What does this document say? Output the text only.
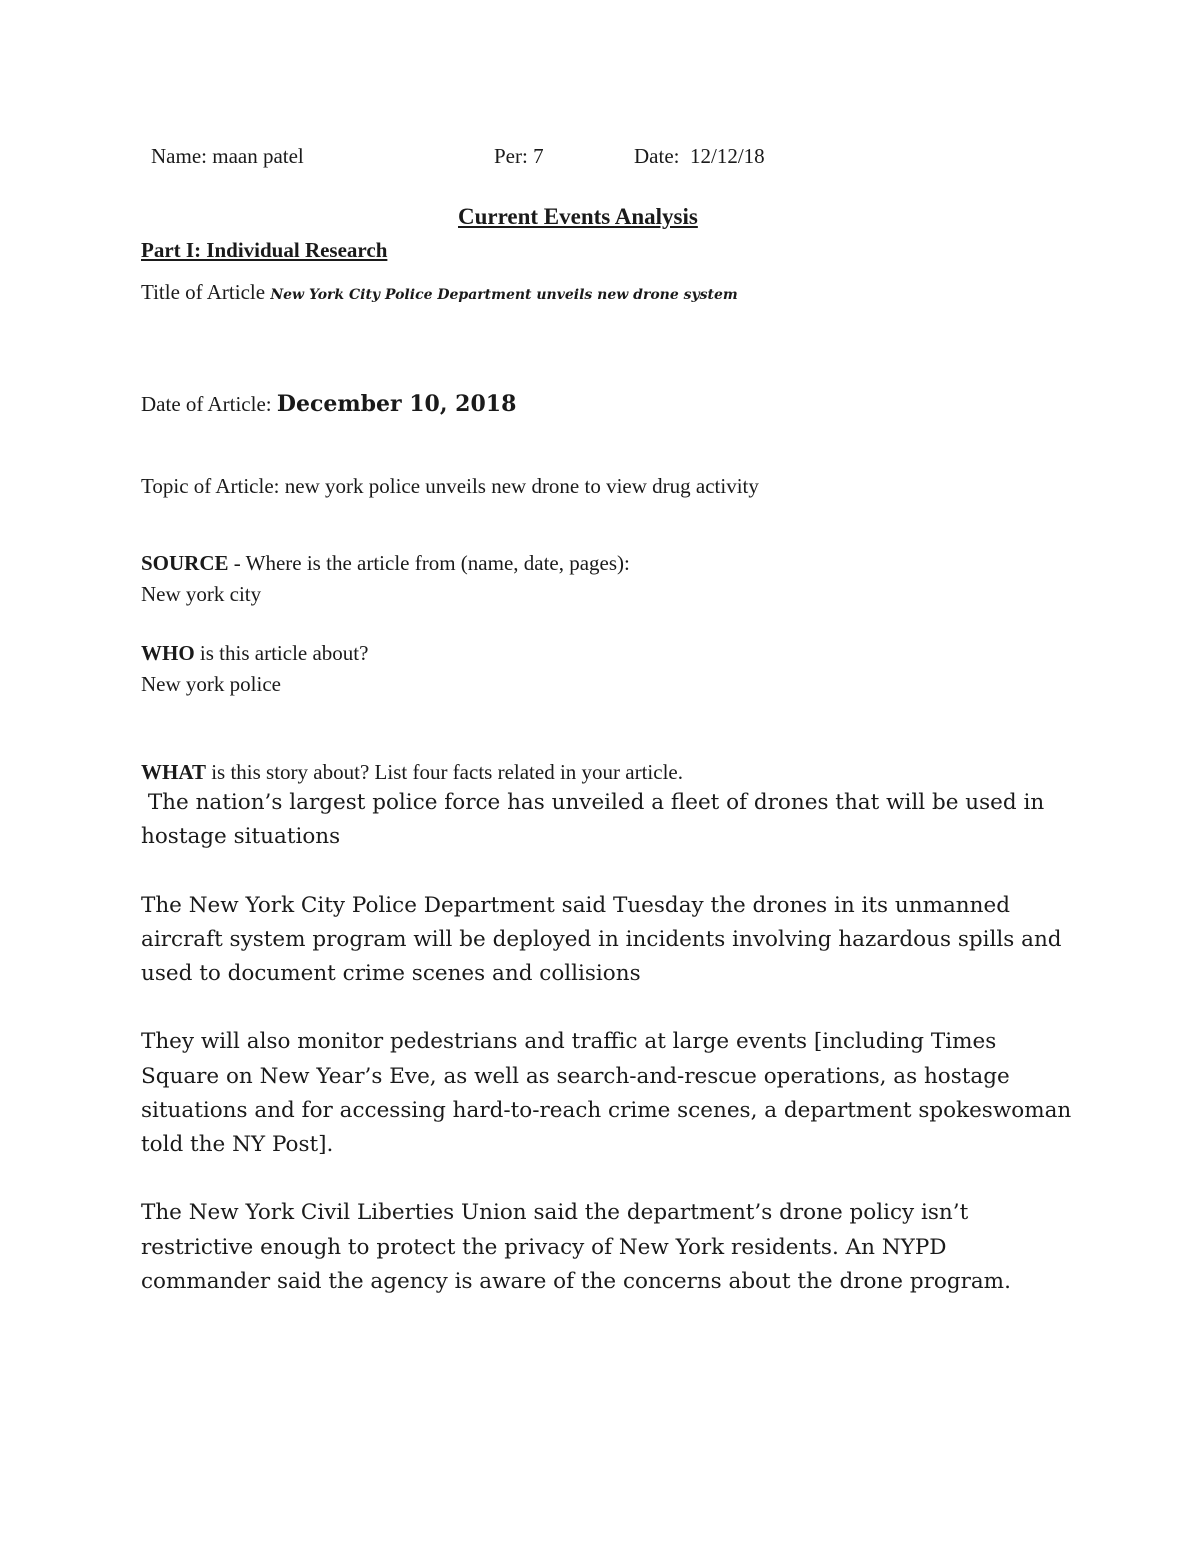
Name: maan patel	Per: 7	Date:  12/12/18
Current Events Analysis
Part I: Individual Research
Title of Article New York City Police Department unveils new drone system
Date of Article: December 10, 2018
Topic of Article: new york police unveils new drone to view drug activity
SOURCE - Where is the article from (name, date, pages):
New york city
WHO is this article about?
New york police
WHAT is this story about? List four facts related in your article.

The nation’s largest police force has unveiled a fleet of drones that will be used in hostage situations

The New York City Police Department said Tuesday the drones in its unmanned aircraft system program will be deployed in incidents involving hazardous spills and used to document crime scenes and collisions

They will also monitor pedestrians and traffic at large events [including Times Square on New Year’s Eve, as well as search-and-rescue operations, as hostage situations and for accessing hard-to-reach crime scenes, a department spokeswoman told the NY Post].

The New York Civil Liberties Union said the department’s drone policy isn’t restrictive enough to protect the privacy of New York residents. An NYPD commander said the agency is aware of the concerns about the drone program.
